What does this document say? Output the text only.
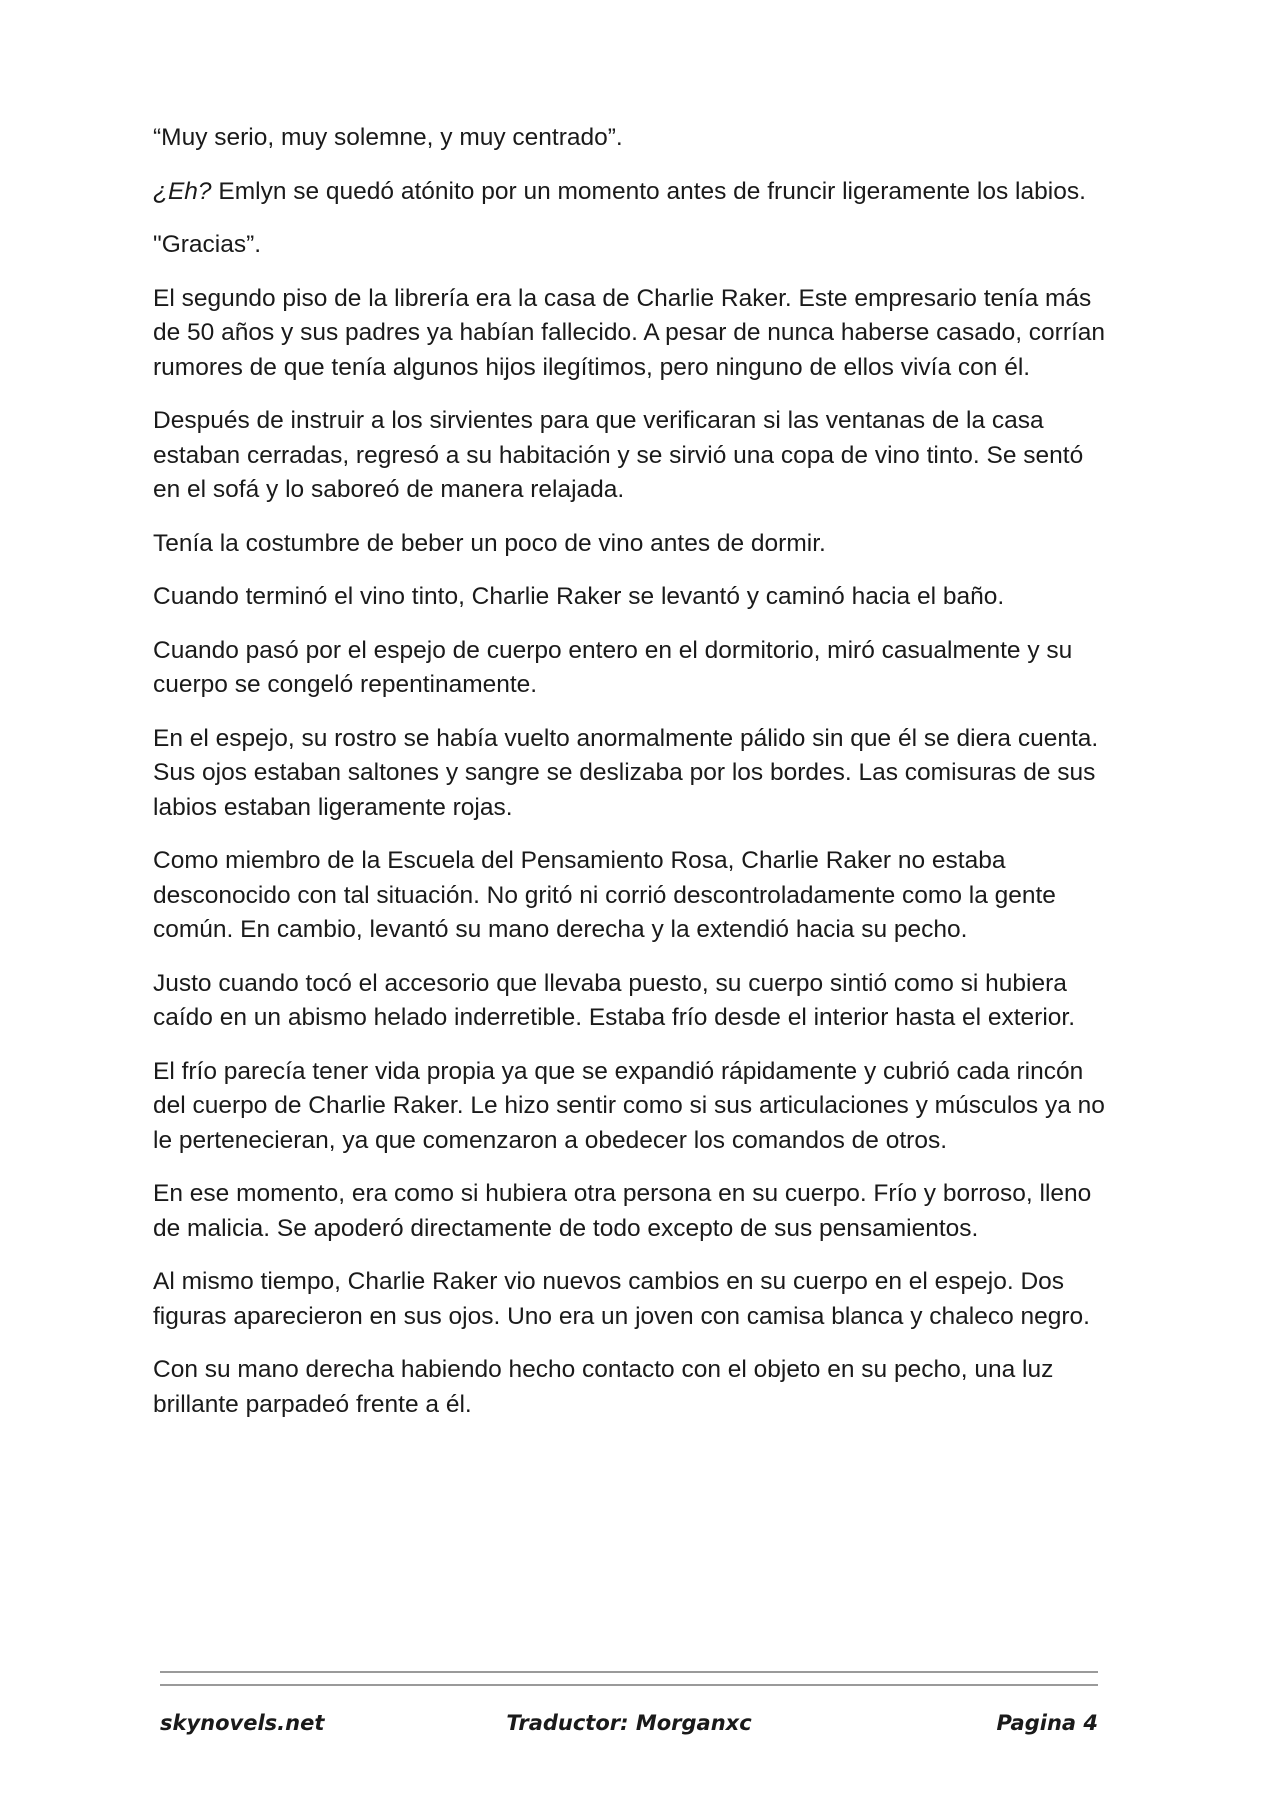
“Muy serio, muy solemne, y muy centrado”.

¿Eh? Emlyn se quedó atónito por un momento antes de fruncir ligeramente los labios.

"Gracias”.

El segundo piso de la librería era la casa de Charlie Raker. Este empresario tenía más de 50 años y sus padres ya habían fallecido. A pesar de nunca haberse casado, corrían rumores de que tenía algunos hijos ilegítimos, pero ninguno de ellos vivía con él.

Después de instruir a los sirvientes para que verificaran si las ventanas de la casa estaban cerradas, regresó a su habitación y se sirvió una copa de vino tinto. Se sentó en el sofá y lo saboreó de manera relajada.

Tenía la costumbre de beber un poco de vino antes de dormir.

Cuando terminó el vino tinto, Charlie Raker se levantó y caminó hacia el baño.

Cuando pasó por el espejo de cuerpo entero en el dormitorio, miró casualmente y su cuerpo se congeló repentinamente.

En el espejo, su rostro se había vuelto anormalmente pálido sin que él se diera cuenta. Sus ojos estaban saltones y sangre se deslizaba por los bordes. Las comisuras de sus labios estaban ligeramente rojas.

Como miembro de la Escuela del Pensamiento Rosa, Charlie Raker no estaba desconocido con tal situación. No gritó ni corrió descontroladamente como la gente común. En cambio, levantó su mano derecha y la extendió hacia su pecho.

Justo cuando tocó el accesorio que llevaba puesto, su cuerpo sintió como si hubiera caído en un abismo helado inderretible. Estaba frío desde el interior hasta el exterior.

El frío parecía tener vida propia ya que se expandió rápidamente y cubrió cada rincón del cuerpo de Charlie Raker. Le hizo sentir como si sus articulaciones y músculos ya no le pertenecieran, ya que comenzaron a obedecer los comandos de otros.

En ese momento, era como si hubiera otra persona en su cuerpo. Frío y borroso, lleno de malicia. Se apoderó directamente de todo excepto de sus pensamientos.

Al mismo tiempo, Charlie Raker vio nuevos cambios en su cuerpo en el espejo. Dos figuras aparecieron en sus ojos. Uno era un joven con camisa blanca y chaleco negro.

Con su mano derecha habiendo hecho contacto con el objeto en su pecho, una luz brillante parpadeó frente a él.

skynovels.net	Traductor: Morganxc	Pagina 4
